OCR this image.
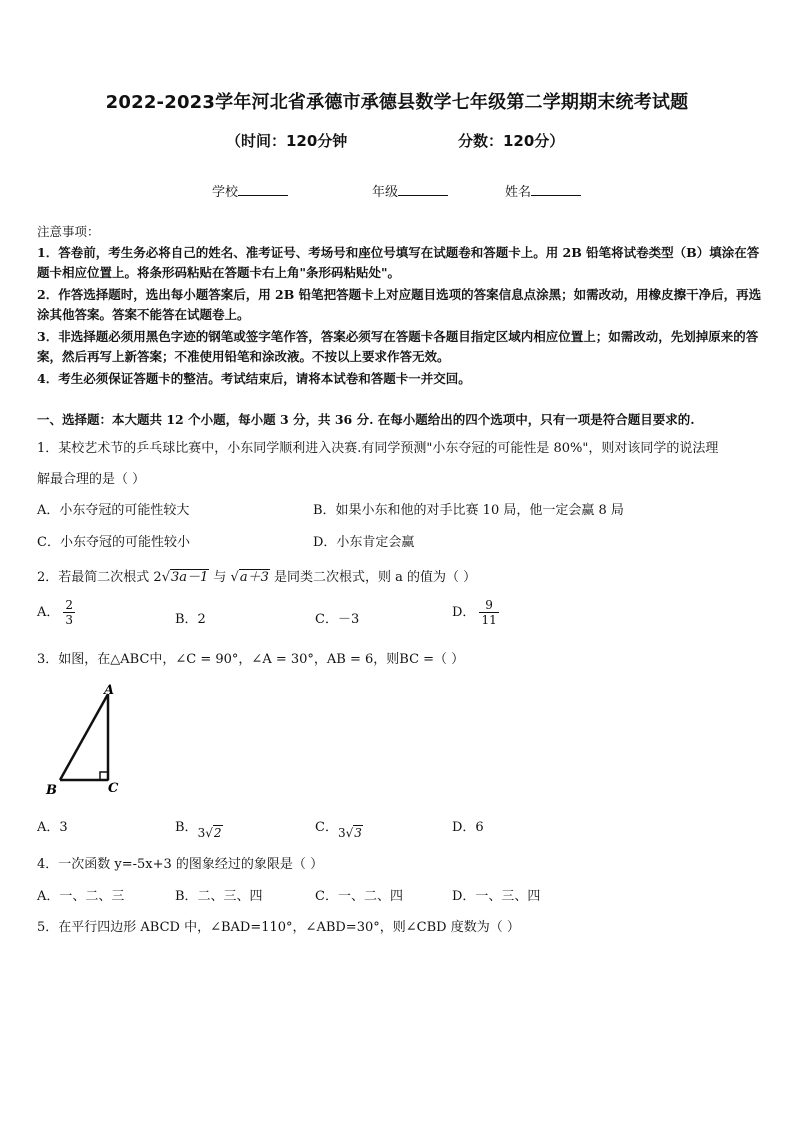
2022-2023学年河北省承德市承德县数学七年级第二学期期末统考试题
（时间：120分钟	分数：120分）
学校	年级	姓名
注意事项：
1．答卷前，考生务必将自己的姓名、准考证号、考场号和座位号填写在试题卷和答题卡上。用 2B 铅笔将试卷类型（B）填涂在答题卡相应位置上。将条形码粘贴在答题卡右上角"条形码粘贴处"。
2．作答选择题时，选出每小题答案后，用 2B 铅笔把答题卡上对应题目选项的答案信息点涂黑；如需改动，用橡皮擦干净后，再选涂其他答案。答案不能答在试题卷上。
3．非选择题必须用黑色字迹的钢笔或签字笔作答，答案必须写在答题卡各题目指定区域内相应位置上；如需改动，先划掉原来的答案，然后再写上新答案；不准使用铅笔和涂改液。不按以上要求作答无效。
4．考生必须保证答题卡的整洁。考试结束后，请将本试卷和答题卡一并交回。
一、选择题：本大题共 12 个小题，每小题 3 分，共 36 分. 在每小题给出的四个选项中，只有一项是符合题目要求的.
1．某校艺术节的乒乓球比赛中，小东同学顺利进入决赛.有同学预测"小东夺冠的可能性是 80%"，则对该同学的说法理
解最合理的是（ ）
A．小东夺冠的可能性较大	B．如果小东和他的对手比赛 10 局，他一定会赢 8 局
C．小东夺冠的可能性较小	D．小东肯定会赢
2．若最简二次根式 2√3a－1 与 √a＋3 是同类二次根式，则 a 的值为（ ）
A． $\frac{2}{3}$	B．2	C．－3	D． $\frac{9}{11}$
3．如图，在△ABC中，∠C = 90°，∠A = 30°，AB = 6，则BC =（ ）
A
B	C
A．3	B．3√2	C．3√3	D．6
4．一次函数 y=-5x+3 的图象经过的象限是（ ）
A．一、二、三	B．二、三、四	C．一、二、四	D．一、三、四
5．在平行四边形 ABCD 中，∠BAD=110°，∠ABD=30°，则∠CBD 度数为（ ）
